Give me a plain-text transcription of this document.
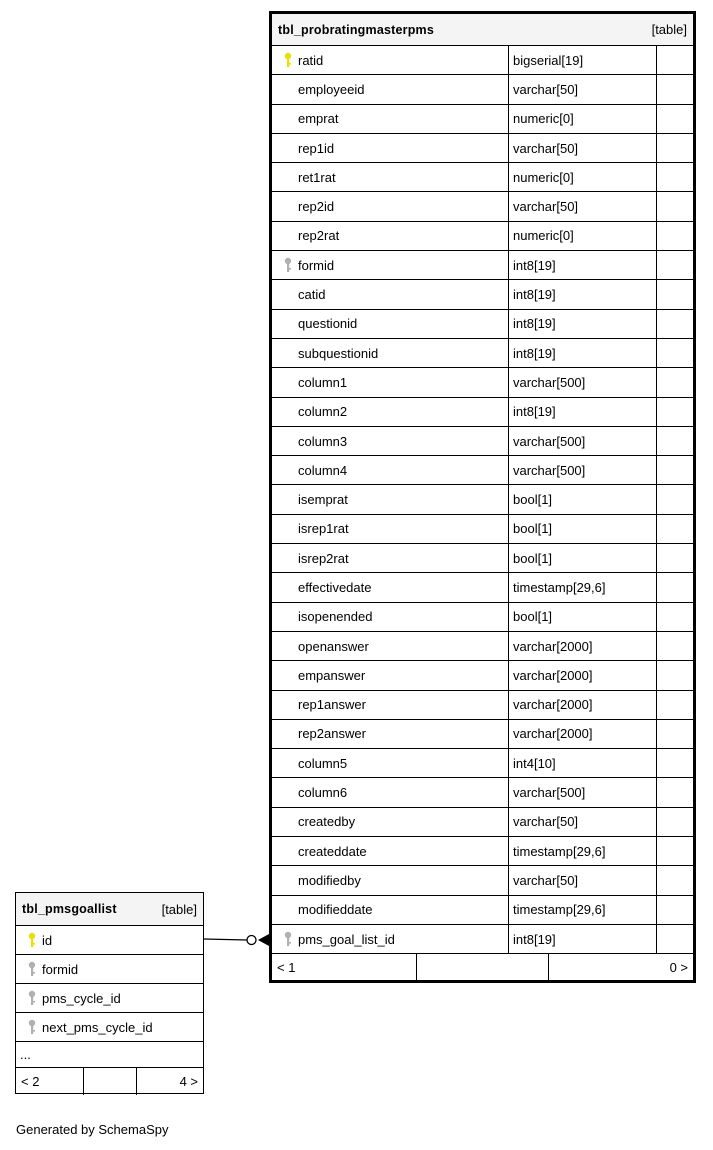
tbl_probratingmasterpms	[table]
ratid	bigserial[19]
employeeid	varchar[50]
emprat	numeric[0]
rep1id	varchar[50]
ret1rat	numeric[0]
rep2id	varchar[50]
rep2rat	numeric[0]
formid	int8[19]
catid	int8[19]
questionid	int8[19]
subquestionid	int8[19]
column1	varchar[500]
column2	int8[19]
column3	varchar[500]
column4	varchar[500]
isemprat	bool[1]
isrep1rat	bool[1]
isrep2rat	bool[1]
effectivedate	timestamp[29,6]
isopenended	bool[1]
openanswer	varchar[2000]
empanswer	varchar[2000]
rep1answer	varchar[2000]
rep2answer	varchar[2000]
column5	int4[10]
column6	varchar[500]
createdby	varchar[50]
createddate	timestamp[29,6]
modifiedby	varchar[50]
modifieddate	timestamp[29,6]
pms_goal_list_id	int8[19]
< 1	0 >
tbl_pmsgoallist	[table]
id
formid
pms_cycle_id
next_pms_cycle_id
...
< 2	4 >
Generated by SchemaSpy
